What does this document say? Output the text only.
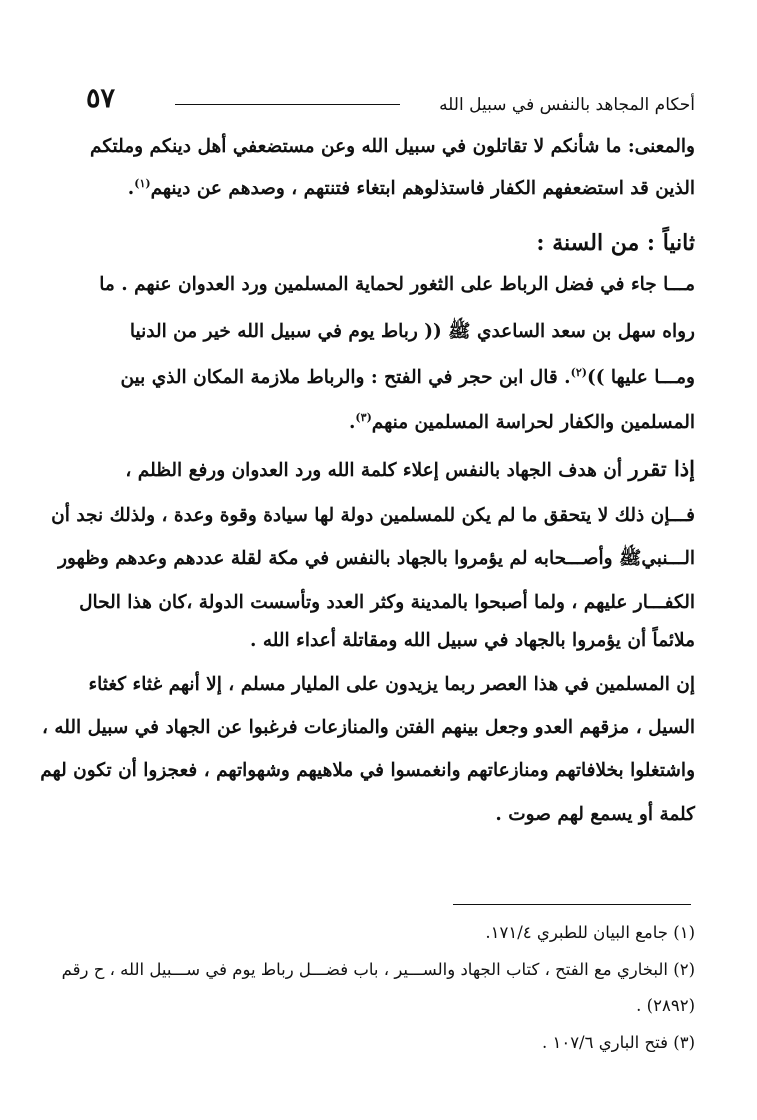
٥٧	أحكام المجاهد بالنفس في سبيل الله
والمعنى: ما شأنكم لا تقاتلون في سبيل الله وعن مستضعفي أهل دينكم وملتكم
الذين قد استضعفهم الكفار فاستذلوهم ابتغاء فتنتهم ، وصدهم عن دينهم$^{(١)}$.
ثانياً : من السنة :
مـــا جاء في فضل الرباط على الثغور لحماية المسلمين ورد العدوان عنهم . ما
رواه سهل بن سعد الساعدي ﷺ (( رباط يوم في سبيل الله خير من الدنيا
ومـــا عليها ))$^{(٢)}$. قال ابن حجر في الفتح : والرباط ملازمة المكان الذي بين
المسلمين والكفار لحراسة المسلمين منهم$^{(٣)}$.
إذا تقرر أن هدف الجهاد بالنفس إعلاء كلمة الله ورد العدوان ورفع الظلم ،
فـــإن ذلك لا يتحقق ما لم يكن للمسلمين دولة لها سيادة وقوة وعدة ، ولذلك نجد أن
الـــنبيﷺ وأصـــحابه لم يؤمروا بالجهاد بالنفس في مكة لقلة عددهم وعدهم وظهور
الكفـــار عليهم ، ولما أصبحوا بالمدينة وكثر العدد وتأسست الدولة ،كان هذا الحال
ملائماً أن يؤمروا بالجهاد في سبيل الله ومقاتلة أعداء الله .
إن المسلمين في هذا العصر ربما يزيدون على المليار مسلم ، إلا أنهم غثاء كغثاء
السيل ، مزقهم العدو وجعل بينهم الفتن والمنازعات فرغبوا عن الجهاد في سبيل الله ،
واشتغلوا بخلافاتهم ومنازعاتهم وانغمسوا في ملاهيهم وشهواتهم ، فعجزوا أن تكون لهم
كلمة أو يسمع لهم صوت .
(١) جامع البيان للطبري ١٧١/٤.
(٢) البخاري مع الفتح ، كتاب الجهاد والســـير ، باب فضـــل رباط يوم في ســـبيل الله ، ح رقم
(٢٨٩٢) .
(٣) فتح الباري ١٠٧/٦ .
